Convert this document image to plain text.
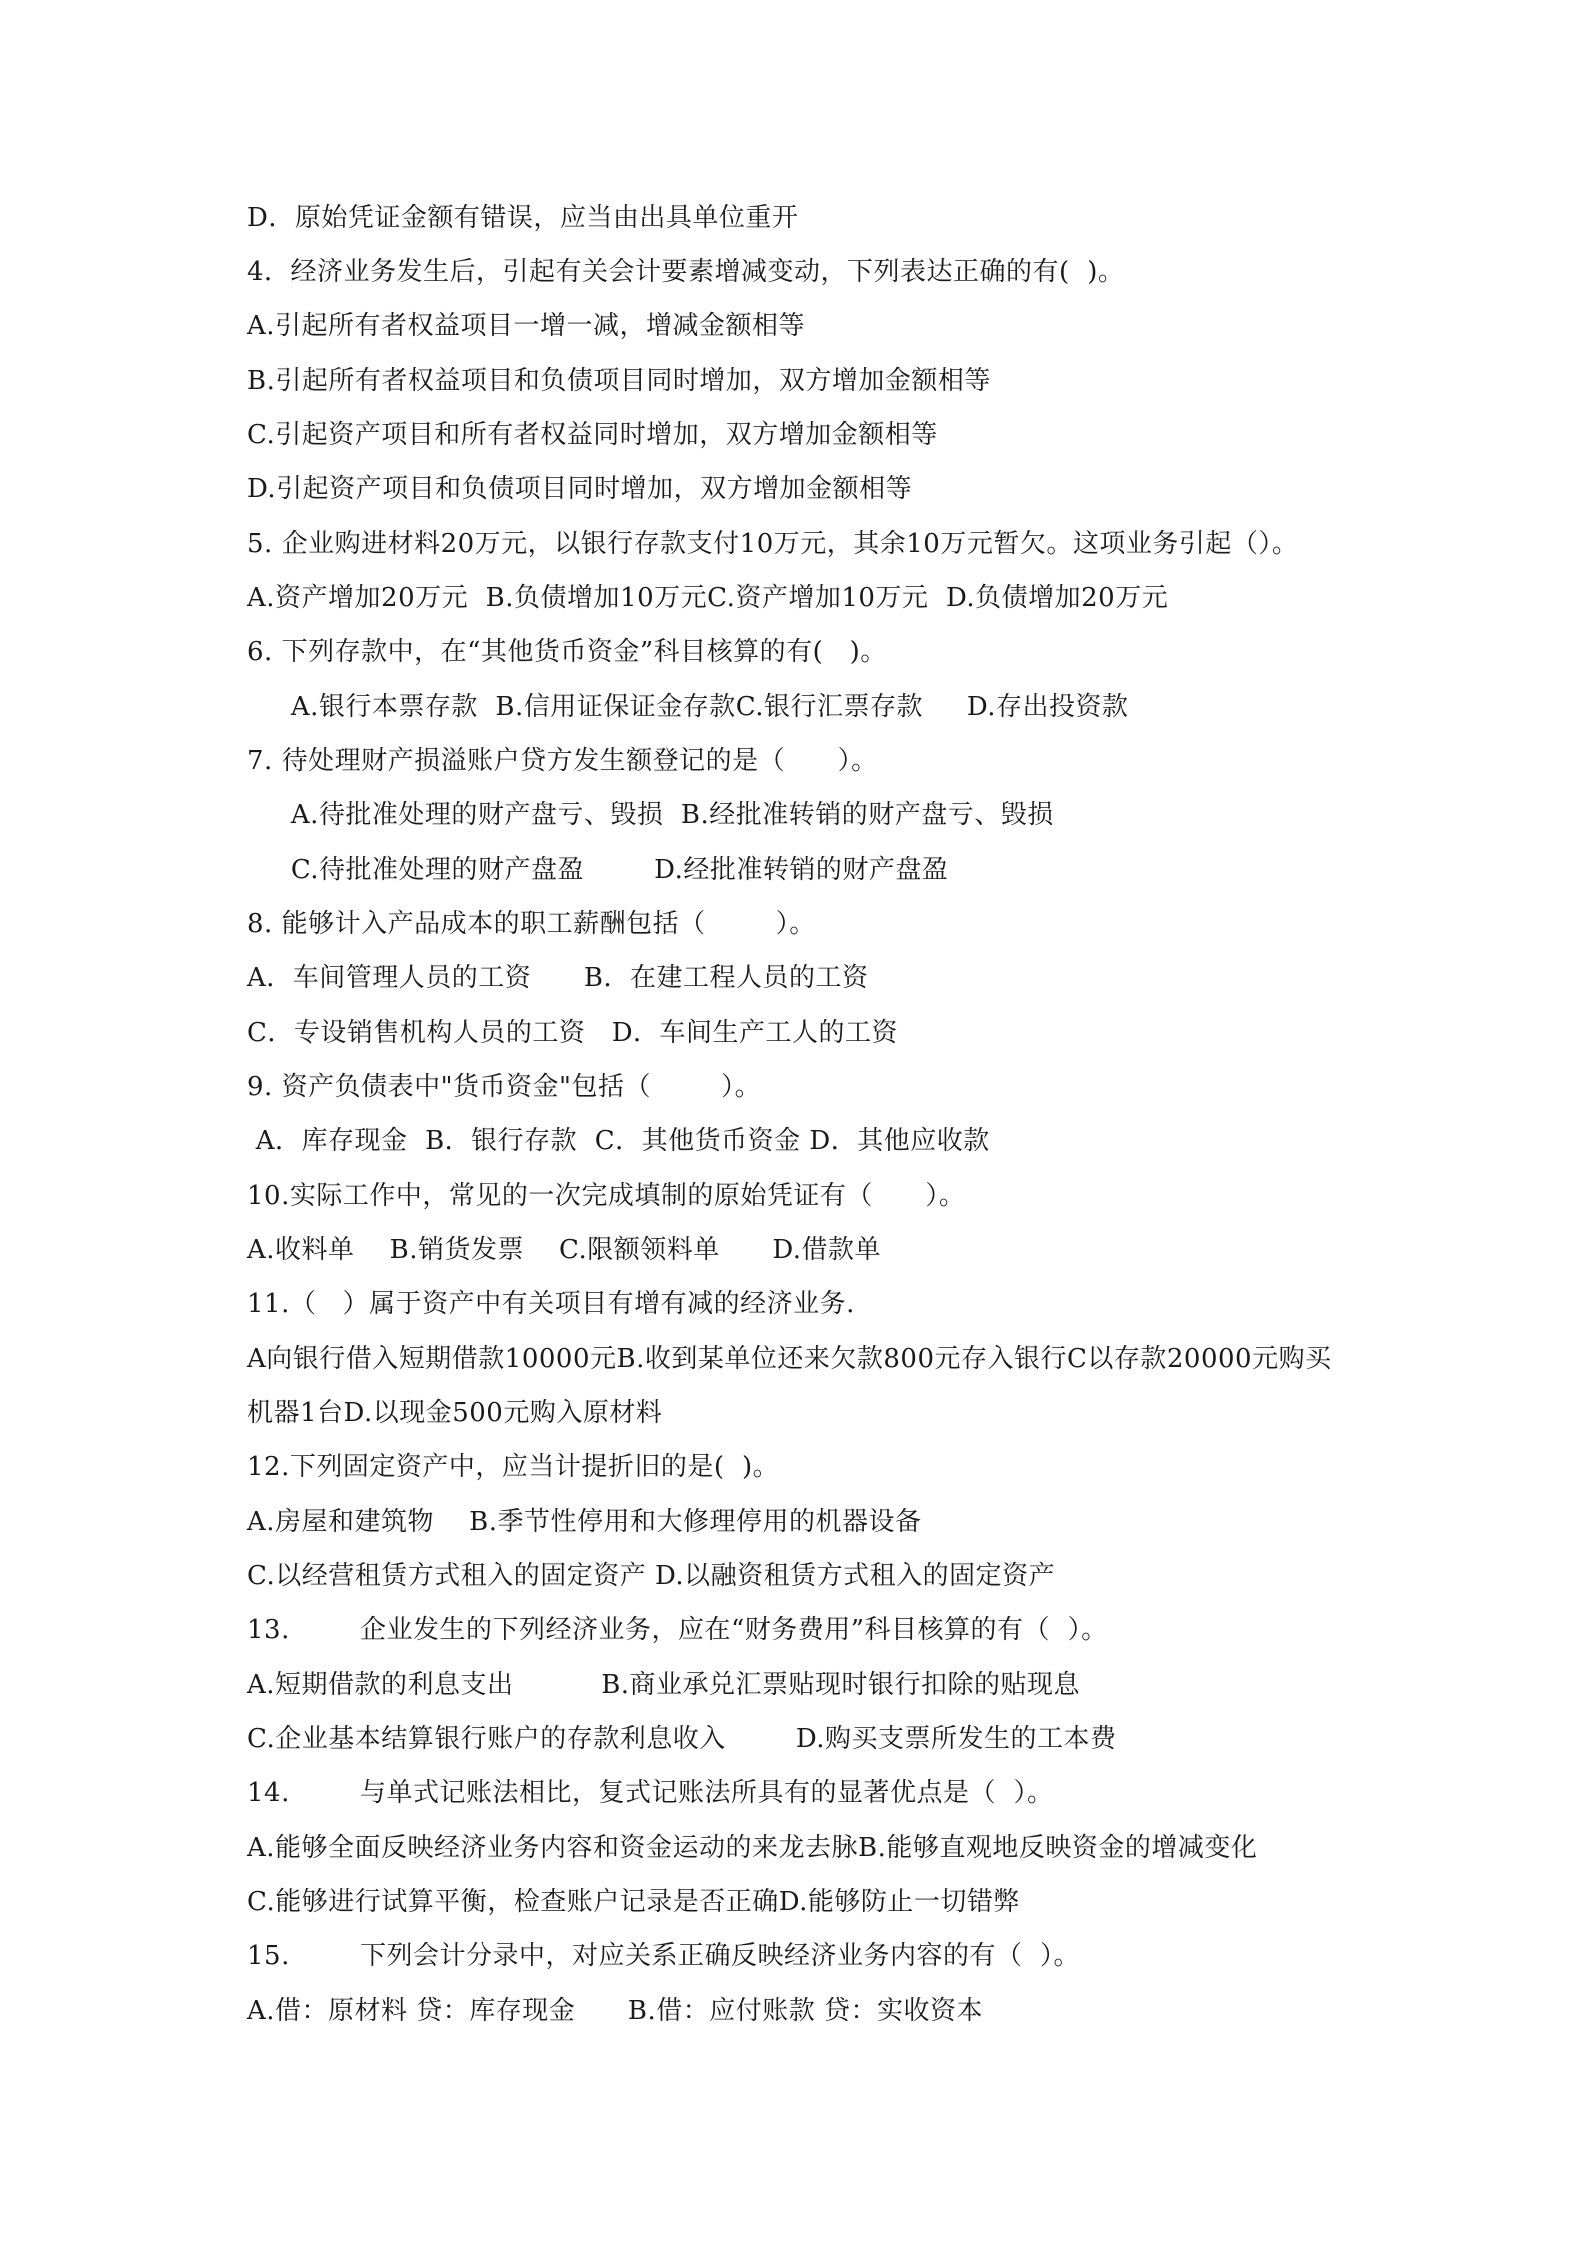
D．原始凭证金额有错误，应当由出具单位重开
4．经济业务发生后，引起有关会计要素增减变动，下列表达正确的有(  )。
A.引起所有者权益项目一增一减，增减金额相等
B.引起所有者权益项目和负债项目同时增加，双方增加金额相等
C.引起资产项目和所有者权益同时增加，双方增加金额相等
D.引起资产项目和负债项目同时增加，双方增加金额相等
5. 企业购进材料20万元，以银行存款支付10万元，其余10万元暂欠。这项业务引起（）。
A.资产增加20万元  B.负债增加10万元C.资产增加10万元  D.负债增加20万元
6. 下列存款中，在“其他货币资金”科目核算的有(   )。
A.银行本票存款  B.信用证保证金存款C.银行汇票存款     D.存出投资款
7. 待处理财产损溢账户贷方发生额登记的是（      ）。
A.待批准处理的财产盘亏、毁损  B.经批准转销的财产盘亏、毁损
C.待批准处理的财产盘盈        D.经批准转销的财产盘盈
8. 能够计入产品成本的职工薪酬包括（        ）。
A．车间管理人员的工资      B．在建工程人员的工资
C．专设销售机构人员的工资   D．车间生产工人的工资
9. 资产负债表中"货币资金"包括（        ）。
A．库存现金  B．银行存款  C．其他货币资金 D．其他应收款
10.实际工作中，常见的一次完成填制的原始凭证有（      ）。
A.收料单    B.销货发票    C.限额领料单      D.借款单
11.（   ）属于资产中有关项目有增有减的经济业务.
A向银行借入短期借款10000元B.收到某单位还来欠款800元存入银行C以存款20000元购买
机器1台D.以现金500元购入原材料
12.下列固定资产中，应当计提折旧的是(  )。
A.房屋和建筑物    B.季节性停用和大修理停用的机器设备
C.以经营租赁方式租入的固定资产 D.以融资租赁方式租入的固定资产
13.        企业发生的下列经济业务，应在“财务费用”科目核算的有（  ）。
A.短期借款的利息支出          B.商业承兑汇票贴现时银行扣除的贴现息
C.企业基本结算银行账户的存款利息收入        D.购买支票所发生的工本费
14.        与单式记账法相比，复式记账法所具有的显著优点是（  ）。
A.能够全面反映经济业务内容和资金运动的来龙去脉B.能够直观地反映资金的增减变化
C.能够进行试算平衡，检查账户记录是否正确D.能够防止一切错弊
15.        下列会计分录中，对应关系正确反映经济业务内容的有（  ）。
A.借：原材料 贷：库存现金      B.借：应付账款 贷：实收资本
